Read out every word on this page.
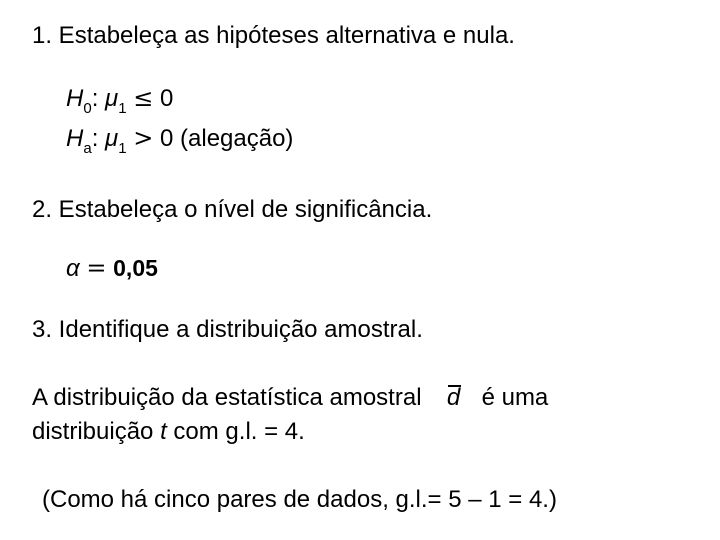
1. Estabeleça as hipóteses alternativa e nula.
$H_0$: $\mu_1 \le 0$
$H_a$: $\mu_1 > 0$ (alegação)
2. Estabeleça o nível de significância.
α = 0,05
3. Identifique a distribuição amostral.
A distribuição da estatística amostral d é uma
distribuição t com g.l. = 4.
(Como há cinco pares de dados, g.l.= 5 – 1 = 4.)
